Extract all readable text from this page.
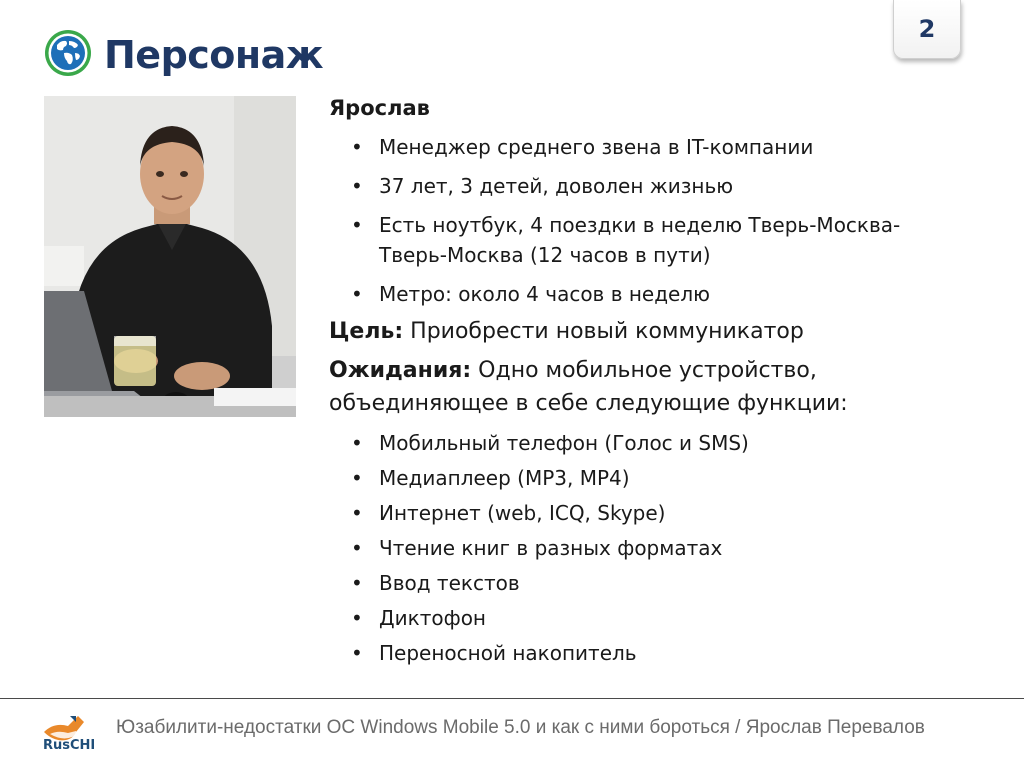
Персонаж
2
Ярослав
• Менеджер среднего звена в IT-компании
• 37 лет, 3 детей, доволен жизнью
• Есть ноутбук, 4 поездки в неделю Тверь-Москва-
Тверь-Москва (12 часов в пути)
• Метро: около 4 часов в неделю
Цель: Приобрести новый коммуникатор
Ожидания: Одно мобильное устройство,
объединяющее в себе следующие функции:
• Мобильный телефон (Голос и SMS)
• Медиаплеер (MP3, MP4)
• Интернет (web, ICQ, Skype)
• Чтение книг в разных форматах
• Ввод текстов
• Диктофон
• Переносной накопитель
RusCHI
Юзабилити-недостатки ОС Windows Mobile 5.0 и как с ними бороться / Ярослав Перевалов
